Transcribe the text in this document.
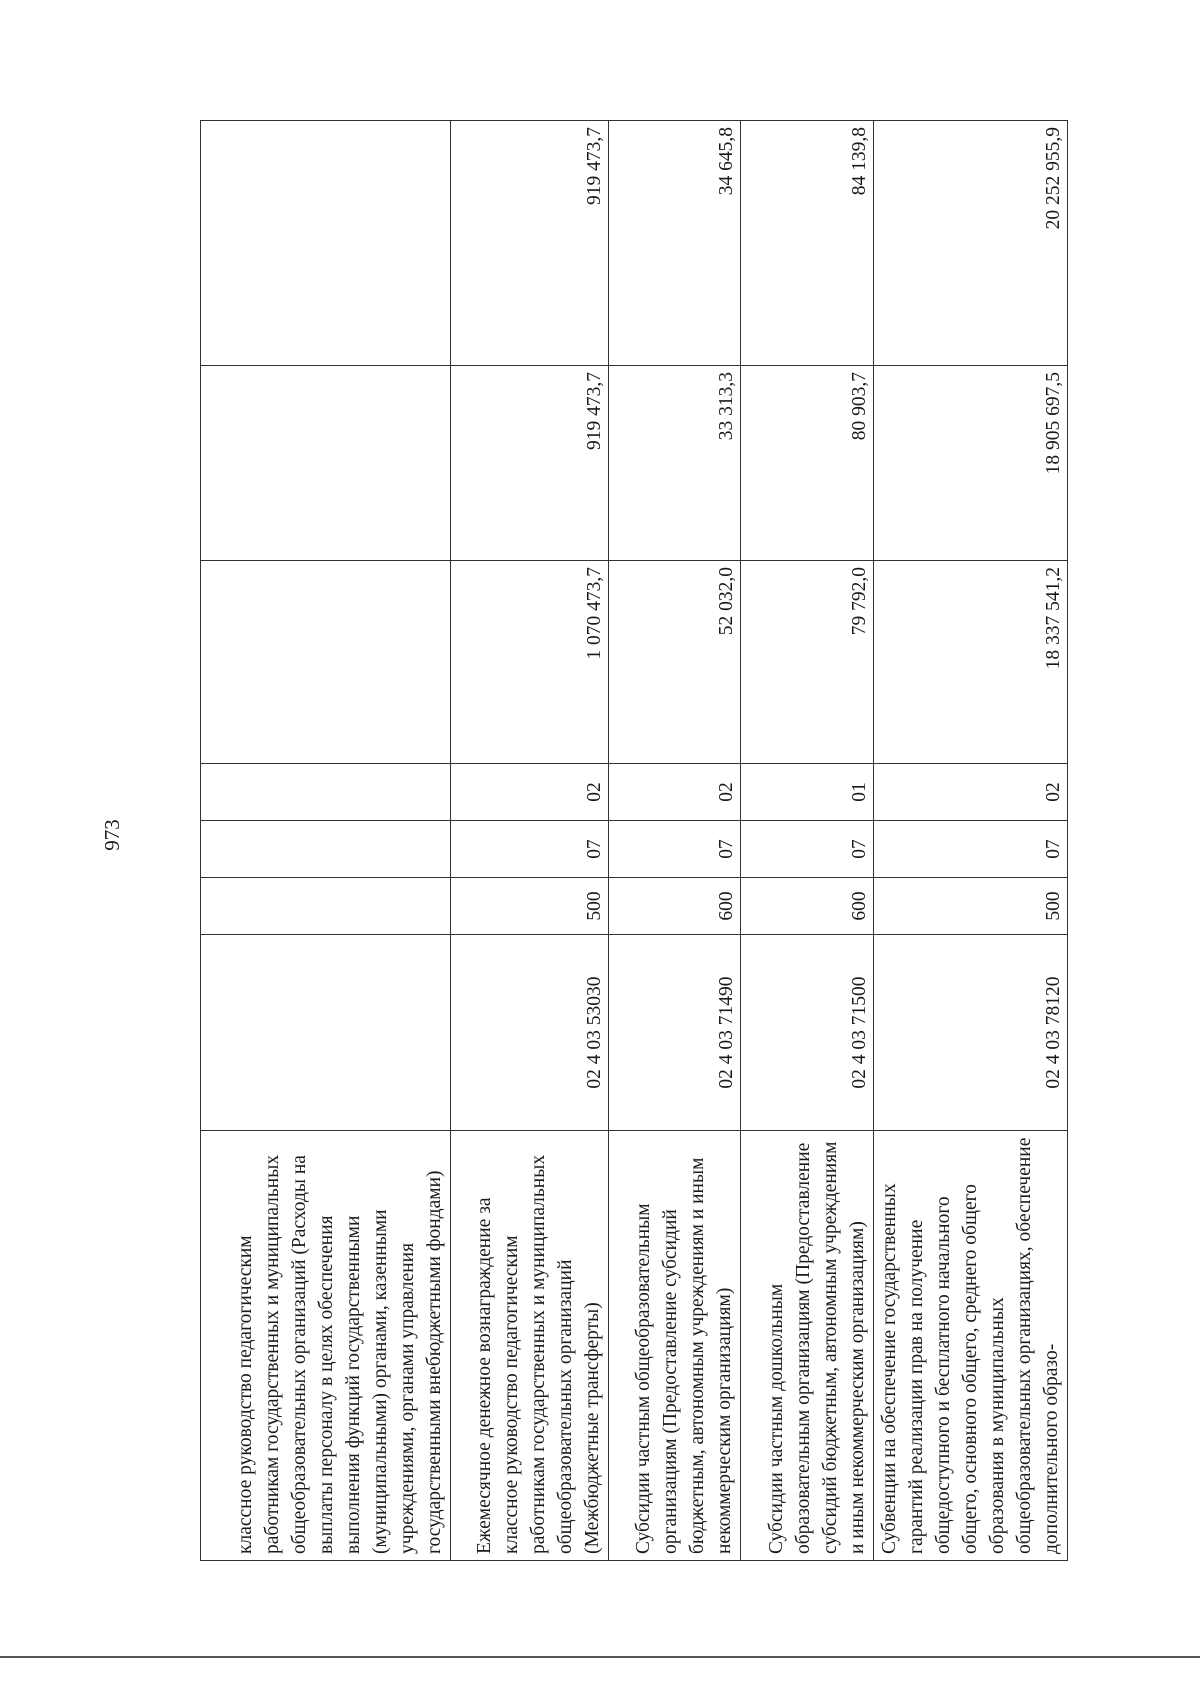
973
классное руководство педагогическим работникам государственных и муниципальных общеобразовательных организаций (Расходы на выплаты персоналу в целях обеспечения выполнения функций государственными (муниципальными) органами, казенными учреждениями, органами управления государственными внебюджетными фондами)							
Ежемесячное денежное вознаграждение за классное руководство педагогическим работникам государственных и муниципальных общеобразовательных организаций (Межбюджетные трансферты)	02 4 03 53030	500	07	02	1 070 473,7	919 473,7	919 473,7
Субсидии частным общеобразовательным организациям (Предоставление субсидий бюджетным, автономным учреждениям и иным некоммерческим организациям)	02 4 03 71490	600	07	02	52 032,0	33 313,3	34 645,8
Субсидии частным дошкольным образовательным организациям (Предоставление субсидий бюджетным, автономным учреждениям и иным некоммерческим организациям)	02 4 03 71500	600	07	01	79 792,0	80 903,7	84 139,8
Субвенции на обеспечение государственных гарантий реализации прав на получение общедоступного и бесплатного начального общего, основного общего, среднего общего образования в муниципальных общеобразовательных организациях, обеспечение дополнительного образо-	02 4 03 78120	500	07	02	18 337 541,2	18 905 697,5	20 252 955,9
